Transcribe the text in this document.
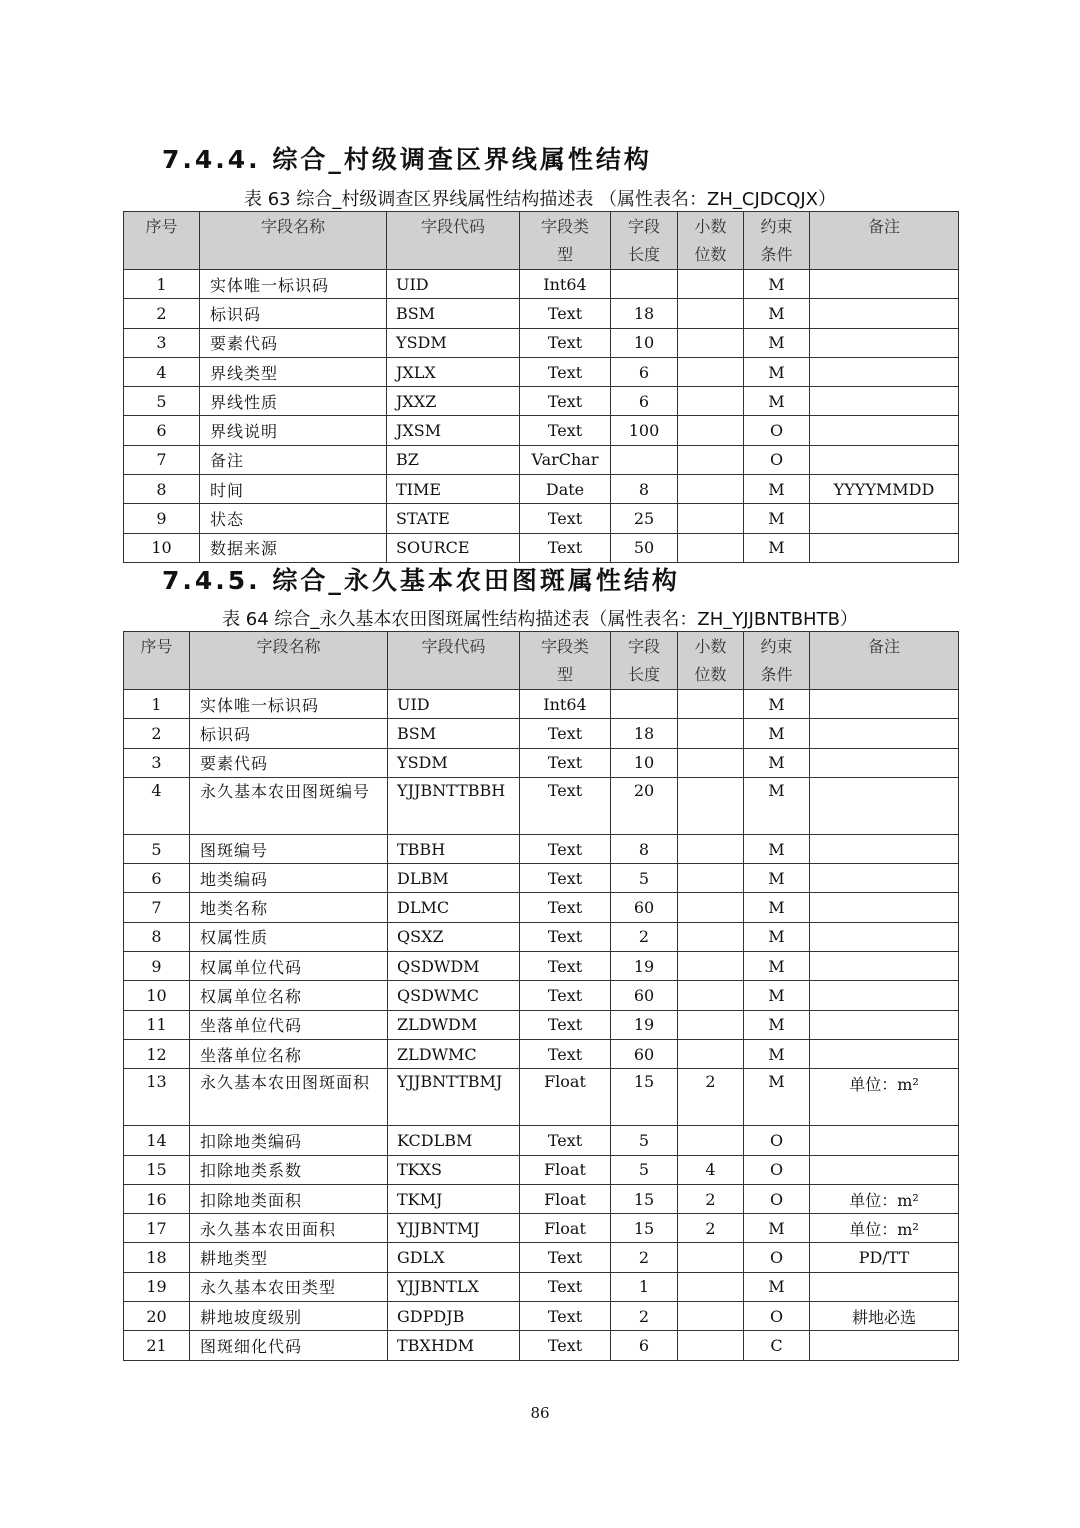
7.4.4. 综合_村级调查区界线属性结构
表 63 综合_村级调查区界线属性结构描述表 （属性表名：ZH_CJDCQJX）
序号	字段名称	字段代码	字段类型	字段长度	小数位数	约束条件	备注
1	实体唯一标识码	UID	Int64			M	
2	标识码	BSM	Text	18		M	
3	要素代码	YSDM	Text	10		M	
4	界线类型	JXLX	Text	6		M	
5	界线性质	JXXZ	Text	6		M	
6	界线说明	JXSM	Text	100		O	
7	备注	BZ	VarChar			O	
8	时间	TIME	Date	8		M	YYYYMMDD
9	状态	STATE	Text	25		M	
10	数据来源	SOURCE	Text	50		M	
7.4.5. 综合_永久基本农田图斑属性结构
表 64 综合_永久基本农田图斑属性结构描述表（属性表名：ZH_YJJBNTBHTB）
序号	字段名称	字段代码	字段类型	字段长度	小数位数	约束条件	备注
1	实体唯一标识码	UID	Int64			M	
2	标识码	BSM	Text	18		M	
3	要素代码	YSDM	Text	10		M	
4	永久基本农田图斑编号	YJJBNTTBBH	Text	20		M	
5	图斑编号	TBBH	Text	8		M	
6	地类编码	DLBM	Text	5		M	
7	地类名称	DLMC	Text	60		M	
8	权属性质	QSXZ	Text	2		M	
9	权属单位代码	QSDWDM	Text	19		M	
10	权属单位名称	QSDWMC	Text	60		M	
11	坐落单位代码	ZLDWDM	Text	19		M	
12	坐落单位名称	ZLDWMC	Text	60		M	
13	永久基本农田图斑面积	YJJBNTTBMJ	Float	15	2	M	单位：m²
14	扣除地类编码	KCDLBM	Text	5		O	
15	扣除地类系数	TKXS	Float	5	4	O	
16	扣除地类面积	TKMJ	Float	15	2	O	单位：m²
17	永久基本农田面积	YJJBNTMJ	Float	15	2	M	单位：m²
18	耕地类型	GDLX	Text	2		O	PD/TT
19	永久基本农田类型	YJJBNTLX	Text	1		M	
20	耕地坡度级别	GDPDJB	Text	2		O	耕地必选
21	图斑细化代码	TBXHDM	Text	6		C	
86
